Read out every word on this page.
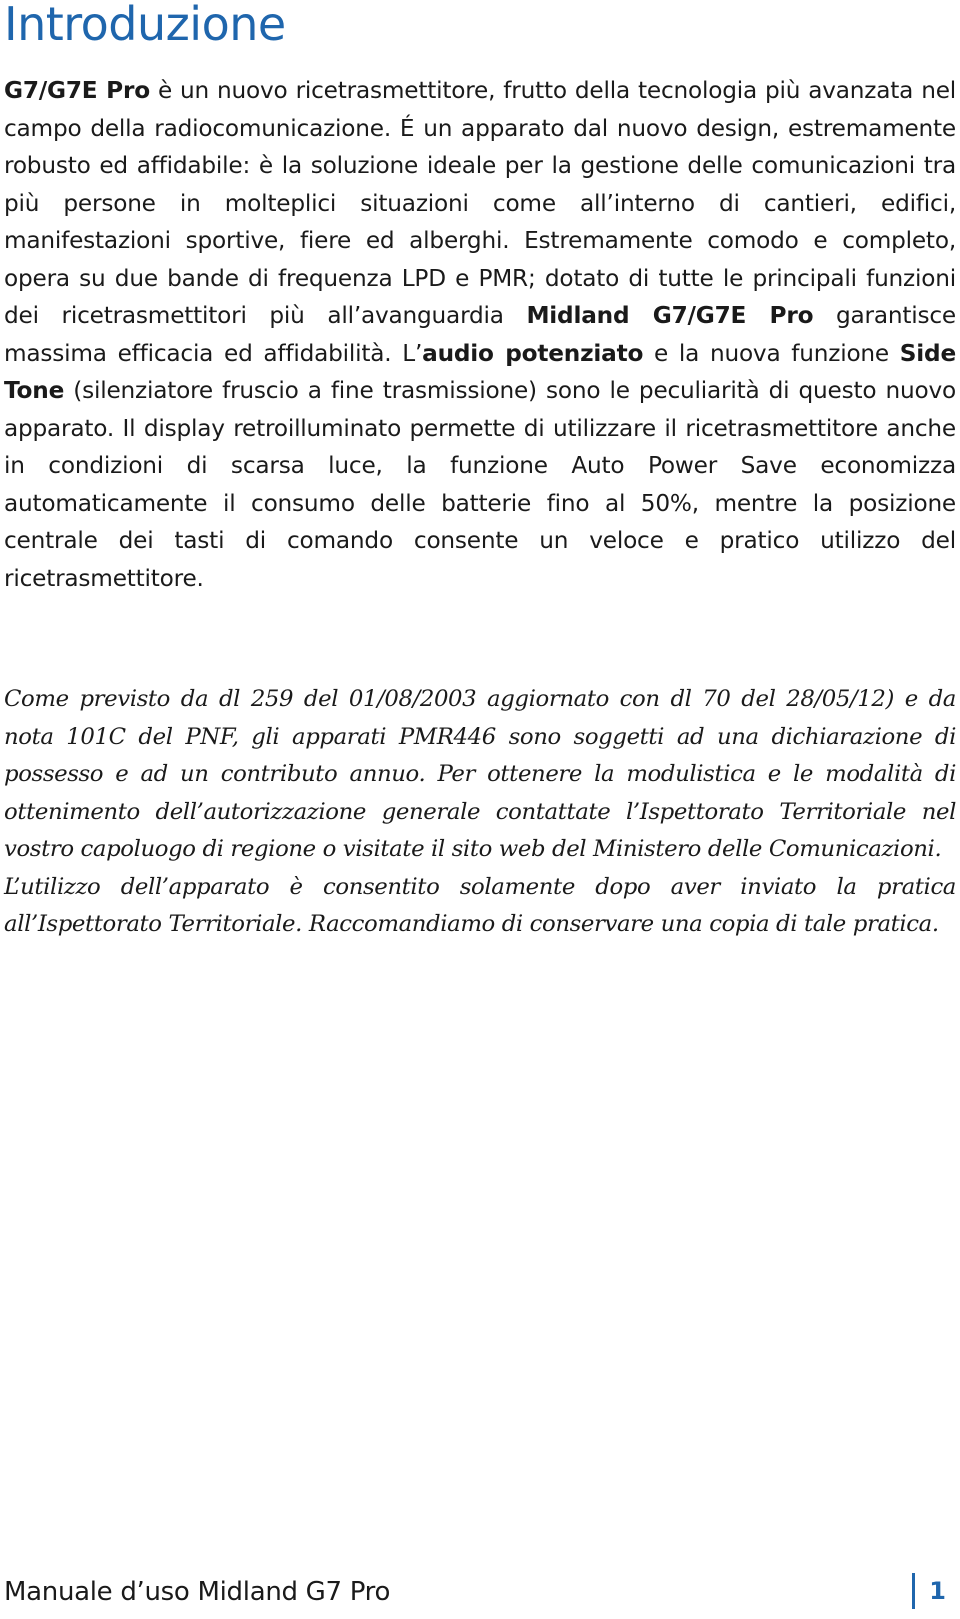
Introduzione

G7/G7E Pro è un nuovo ricetrasmettitore, frutto della tecnologia più avanzata nel campo della radiocomunicazione. É un apparato dal nuovo design, estremamente robusto ed affidabile: è la soluzione ideale per la gestione delle comunicazioni tra più persone in molteplici situazioni come all’interno di cantieri, edifici, manifestazioni sportive, fiere ed alberghi. Estremamente comodo e completo, opera su due bande di frequenza LPD e PMR; dotato di tutte le principali funzioni dei ricetrasmettitori più all’avanguardia Midland G7/G7E Pro garantisce massima efficacia ed affidabilità. L’audio potenziato e la nuova funzione Side Tone (silenziatore fruscio a fine trasmissione) sono le peculiarità di questo nuovo apparato. Il display retroilluminato permette di utilizzare il ricetrasmettitore anche in condizioni di scarsa luce, la funzione Auto Power Save economizza automaticamente il consumo delle batterie fino al 50%, mentre la posizione centrale dei tasti di comando consente un veloce e pratico utilizzo del ricetrasmettitore.

Come previsto da dl 259 del 01/08/2003 aggiornato con dl 70 del 28/05/12) e da nota 101C del PNF, gli apparati PMR446 sono soggetti ad una dichiarazione di possesso e ad un contributo annuo. Per ottenere la modulistica e le modalità di ottenimento dell’autorizzazione generale contattate l’Ispettorato Territoriale nel vostro capoluogo di regione o visitate il sito web del Ministero delle Comunicazioni.

L’utilizzo dell’apparato è consentito solamente dopo aver inviato la pratica all’Ispettorato Territoriale. Raccomandiamo di conservare una copia di tale pratica.

Manuale d’uso Midland G7 Pro	1
